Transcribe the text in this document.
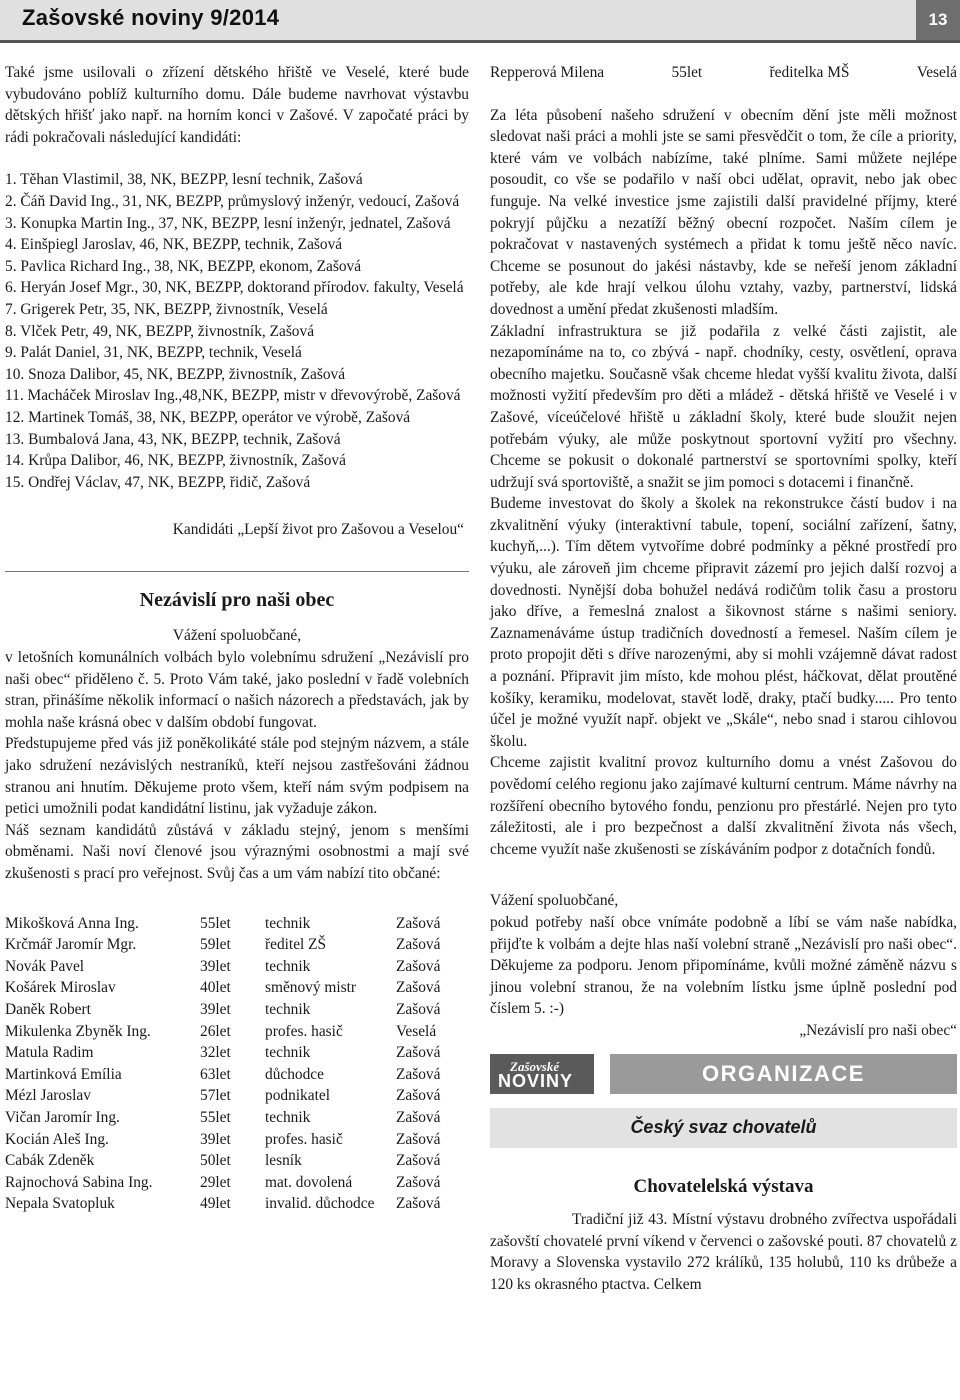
Zašovské noviny 9/2014	13

Také jsme usilovali o zřízení dětského hřiště ve Veselé, které bude vybudováno poblíž kulturního domu. Dále budeme navrhovat výstavbu dětských hřišť jako např. na horním konci v Zašové. V započaté práci by rádi pokračovali následující kandidáti:

1. Těhan Vlastimil, 38, NK, BEZPP, lesní technik, Zašová
2. Čáň David Ing., 31, NK, BEZPP, průmyslový inženýr, vedoucí, Zašová
3. Konupka Martin Ing., 37, NK, BEZPP, lesní inženýr, jednatel, Zašová
4. Einšpiegl Jaroslav, 46, NK, BEZPP, technik, Zašová
5. Pavlica Richard Ing., 38, NK, BEZPP, ekonom, Zašová
6. Heryán Josef Mgr., 30, NK, BEZPP, doktorand přírodov. fakulty, Veselá
7. Grigerek Petr, 35, NK, BEZPP, živnostník, Veselá
8. Vlček Petr, 49, NK, BEZPP, živnostník, Zašová
9. Palát Daniel, 31, NK, BEZPP, technik, Veselá
10. Snoza Dalibor, 45, NK, BEZPP, živnostník, Zašová
11. Macháček Miroslav Ing.,48,NK, BEZPP, mistr v dřevovýrobě, Zašová
12. Martinek Tomáš, 38, NK, BEZPP, operátor ve výrobě, Zašová
13. Bumbalová Jana, 43, NK, BEZPP, technik, Zašová
14. Krůpa Dalibor, 46, NK, BEZPP, živnostník, Zašová
15. Ondřej Václav, 47, NK, BEZPP, řidič, Zašová
Kandidáti „Lepší život pro Zašovou a Veselou“
Nezávislí pro naši obec
Vážení spoluobčané,

v letošních komunálních volbách bylo volebnímu sdružení „Nezávislí pro naši obec“ přiděleno č. 5. Proto Vám také, jako poslední v řadě volebních stran, přinášíme několik informací o našich názorech a představách, jak by mohla naše krásná obec v dalším období fungovat.

Předstupujeme před vás již poněkolikáté stále pod stejným názvem, a stále jako sdružení nezávislých nestraníků, kteří nejsou zastřešováni žádnou stranou ani hnutím. Děkujeme proto všem, kteří nám svým podpisem na petici umožnili podat kandidátní listinu, jak vyžaduje zákon.

Náš seznam kandidátů zůstává v základu stejný, jenom s menšími obměnami. Naši noví členové jsou výraznými osobnostmi a mají své zkušenosti s prací pro veřejnost. Svůj čas a um vám nabízí tito občané:

Mikošková Anna Ing.	55let	technik	Zašová
Krčmář Jaromír Mgr.	59let	ředitel ZŠ	Zašová
Novák Pavel	39let	technik	Zašová
Košárek Miroslav	40let	směnový mistr	Zašová
Daněk Robert	39let	technik	Zašová
Mikulenka Zbyněk Ing.	26let	profes. hasič	Veselá
Matula Radim	32let	technik	Zašová
Martinková Emília	63let	důchodce	Zašová
Mézl Jaroslav	57let	podnikatel	Zašová
Vičan Jaromír Ing.	55let	technik	Zašová
Kocián Aleš Ing.	39let	profes. hasič	Zašová
Cabák Zdeněk	50let	lesník	Zašová
Rajnochová Sabina Ing.	29let	mat. dovolená	Zašová
Nepala Svatopluk	49let	invalid. důchodce	Zašová
Repperová Milena	55let	ředitelka MŠ	Veselá

Za léta působení našeho sdružení v obecním dění jste měli možnost sledovat naši práci a mohli jste se sami přesvědčit o tom, že cíle a priority, které vám ve volbách nabízíme, také plníme. Sami můžete nejlépe posoudit, co vše se podařilo v naší obci udělat, opravit, nebo jak obec funguje. Na velké investice jsme zajistili další pravidelné příjmy, které pokryjí půjčku a nezatíží běžný obecní rozpočet. Naším cílem je pokračovat v nastavených systémech a přidat k tomu ještě něco navíc. Chceme se posunout do jakési nástavby, kde se neřeší jenom základní potřeby, ale kde hrají velkou úlohu vztahy, vazby, partnerství, lidská dovednost a umění předat zkušenosti mladším.

Základní infrastruktura se již podařila z velké části zajistit, ale nezapomínáme na to, co zbývá - např. chodníky, cesty, osvětlení, oprava obecního majetku. Současně však chceme hledat vyšší kvalitu života, další možnosti vyžití především pro děti a mládež - dětská hřiště ve Veselé i v Zašové, víceúčelové hřiště u základní školy, které bude sloužit nejen potřebám výuky, ale může poskytnout sportovní vyžití pro všechny. Chceme se pokusit o dokonalé partnerství se sportovními spolky, kteří udržují svá sportoviště, a snažit se jim pomoci s dotacemi i finančně.

Budeme investovat do školy a školek na rekonstrukce částí budov i na zkvalitnění výuky (interaktivní tabule, topení, sociální zařízení, šatny, kuchyň,...). Tím dětem vytvoříme dobré podmínky a pěkné prostředí pro výuku, ale zároveň jim chceme připravit zázemí pro jejich další rozvoj a dovednosti. Nynější doba bohužel nedává rodičům tolik času a prostoru jako dříve, a řemeslná znalost a šikovnost stárne s našimi seniory. Zaznamenáváme ústup tradičních dovedností a řemesel. Naším cílem je proto propojit děti s dříve narozenými, aby si mohli vzájemně dávat radost a poznání. Připravit jim místo, kde mohou plést, háčkovat, dělat proutěné košíky, keramiku, modelovat, stavět lodě, draky, ptačí budky..... Pro tento účel je možné využít např. objekt ve „Skále“, nebo snad i starou cihlovou školu.

Chceme zajistit kvalitní provoz kulturního domu a vnést Zašovou do povědomí celého regionu jako zajímavé kulturní centrum. Máme návrhy na rozšíření obecního bytového fondu, penzionu pro přestárlé. Nejen pro tyto záležitosti, ale i pro bezpečnost a další zkvalitnění života nás všech, chceme využít naše zkušenosti se získáváním podpor z dotačních fondů.

Vážení spoluobčané,

pokud potřeby naší obce vnímáte podobně a líbí se vám naše nabídka, přijďte k volbám a dejte hlas naší volební straně „Nezávislí pro naši obec“. Děkujeme za podporu. Jenom připomínáme, kvůli možné záměně názvu s jinou volební stranou, že na volebním lístku jsme úplně poslední pod číslem 5. :-)

„Nezávislí pro naši obec“
Zašovské
NOVINY	ORGANIZACE
Český svaz chovatelů
Chovatelelská výstava

Tradiční již 43. Místní výstavu drobného zvířectva uspořádali zašovští chovatelé první víkend v červenci o zašovské pouti. 87 chovatelů z Moravy a Slovenska vystavilo 272 králíků, 135 holubů, 110 ks drůbeže a 120 ks okrasného ptactva. Celkem
